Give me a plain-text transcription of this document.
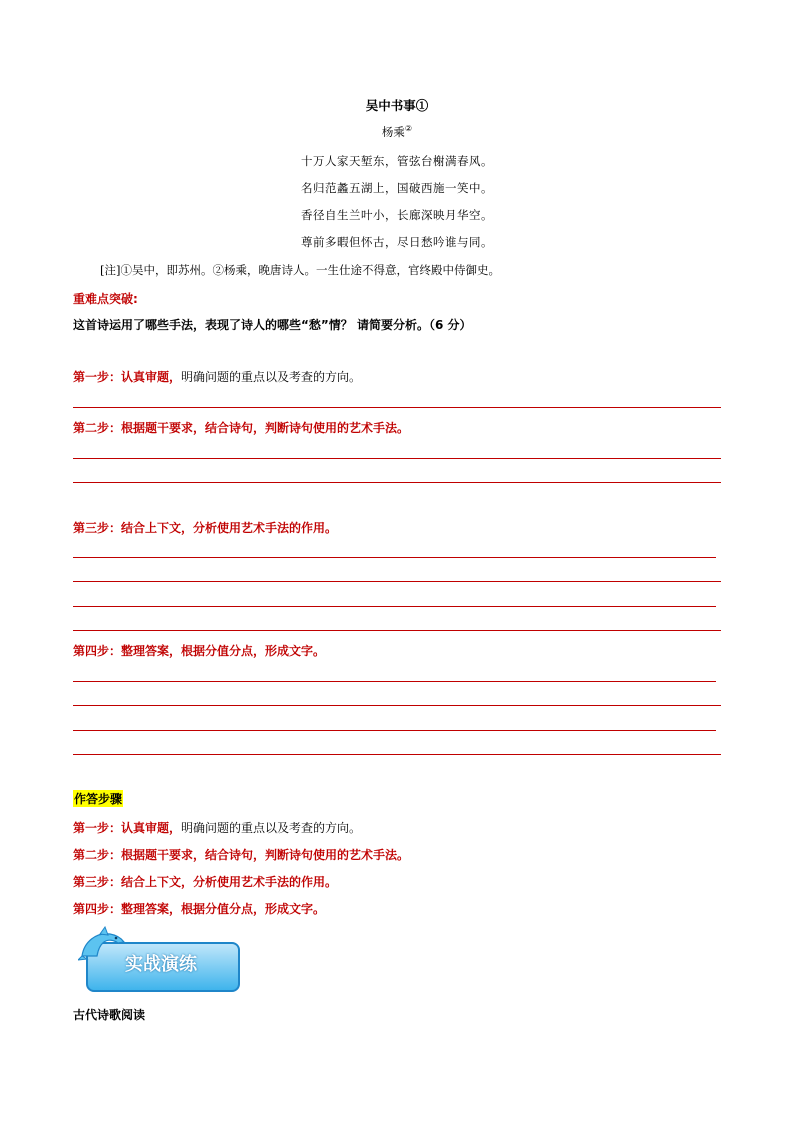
吴中书事①
杨乘②
十万人家天堑东，管弦台榭满春风。
名归范蠡五湖上，国破西施一笑中。
香径自生兰叶小，长廊深映月华空。
尊前多暇但怀古，尽日愁吟谁与同。
[注]①吴中，即苏州。②杨乘，晚唐诗人。一生仕途不得意，官终殿中侍御史。
重难点突破:
这首诗运用了哪些手法，表现了诗人的哪些“愁”情？ 请简要分析。（6 分）
第一步：认真审题，明确问题的重点以及考查的方向。
第二步：根据题干要求，结合诗句，判断诗句使用的艺术手法。
第三步：结合上下文，分析使用艺术手法的作用。
第四步：整理答案，根据分值分点，形成文字。
作答步骤
第一步：认真审题，明确问题的重点以及考查的方向。
第二步：根据题干要求，结合诗句，判断诗句使用的艺术手法。
第三步：结合上下文，分析使用艺术手法的作用。
第四步：整理答案，根据分值分点，形成文字。
实战演练
古代诗歌阅读
